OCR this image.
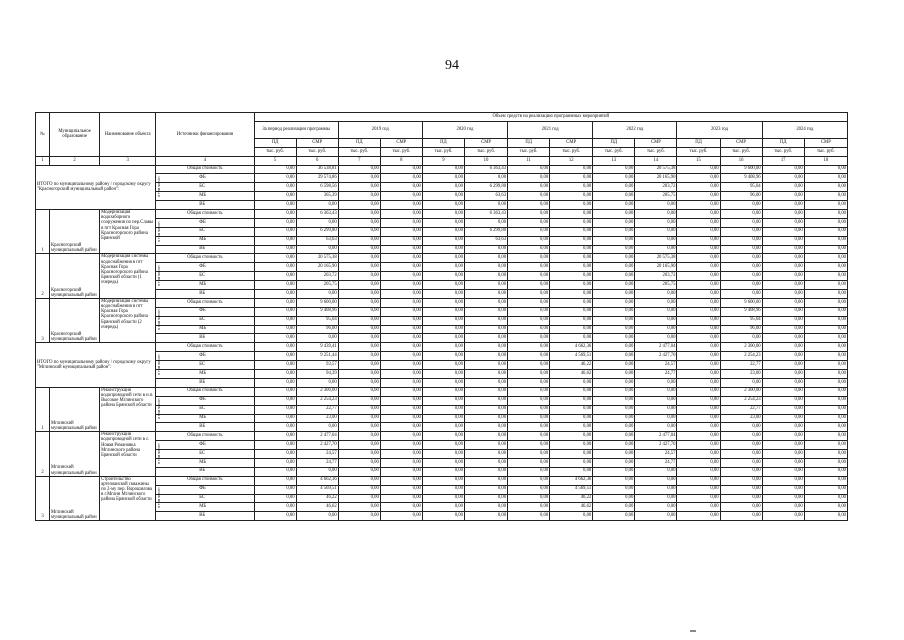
94
№	Муниципальное образование	Наименование объекта	Источники финансирования	Объем средств на реализацию программных мероприятий													
				За период реализации программы		2019 год		2020 год		2021 год		2022 год		2023 год		2024 год	
				ПД	СМР	ПД	СМР	ПД	СМР	ПД	СМР	ПД	СМР	ПД	СМР	ПД	СМР
				тыс. руб.	тыс. руб.	тыс. руб.	тыс. руб.	тыс. руб.	тыс. руб.	тыс. руб.	тыс. руб.	тыс. руб.	тыс. руб.	тыс. руб.	тыс. руб.	тыс. руб.	тыс. руб.
1	2	3	4	5	6	7	8	9	10	11	12	13	14	15	16	17	18
ИТОГО по муниципальному району / городскому округу "Красногорский муниципальный район":			Общая стоимость	0,00	36 538,81	0,00	0,00	0,00	6 363,43	0,00	0,00	0,00	20 575,38	0,00	9 600,00	0,00	0,00

			в том числе: ФБ	0,00	29 574,86	0,00	0,00	0,00	0,00	0,00	0,00	0,00	20 165,90	0,00	9 408,96	0,00	0,00
			БС	0,00	6 598,56	0,00	0,00	0,00	6 299,80	0,00	0,00	0,00	203,72	0,00	95,04	0,00	0,00
			МБ	0,00	365,39	0,00	0,00	0,00	63,63	0,00	0,00	0,00	205,75	0,00	96,00	0,00	0,00
			ВБ	0,00	0,00	0,00	0,00	0,00	0,00	0,00	0,00	0,00	0,00	0,00	0,00	0,00	0,00
1	Красногорский муниципальный район	Модернизация водозаборного сооружения по пер.Славы в пгт Красная Гора Красногорского района Брянской	Общая стоимость	0,00	6 363,43	0,00	0,00	0,00	6 363,43	0,00	0,00	0,00	0,00	0,00	0,00	0,00	0,00

			в том числе: ФБ	0,00	0,00	0,00	0,00	0,00	0,00	0,00	0,00	0,00	0,00	0,00	0,00	0,00	0,00
			БС	0,00	6 299,80	0,00	0,00	0,00	6 299,80	0,00	0,00	0,00	0,00	0,00	0,00	0,00	0,00
			МБ	0,00	63,63	0,00	0,00	0,00	63,63	0,00	0,00	0,00	0,00	0,00	0,00	0,00	0,00
			ВБ	0,00	0,00	0,00	0,00	0,00	0,00	0,00	0,00	0,00	0,00	0,00	0,00	0,00	0,00
2	Красногорский муниципальный район	Модернизация системы водоснабжения в пгт Красная Гора Красногорского района Брянской области (1 очередь)	Общая стоимость	0,00	20 575,38	0,00	0,00	0,00	0,00	0,00	0,00	0,00	20 575,38	0,00	0,00	0,00	0,00

			в том числе: ФБ	0,00	20 165,90	0,00	0,00	0,00	0,00	0,00	0,00	0,00	20 165,90	0,00	0,00	0,00	0,00
			БС	0,00	203,72	0,00	0,00	0,00	0,00	0,00	0,00	0,00	203,72	0,00	0,00	0,00	0,00
			МБ	0,00	205,75	0,00	0,00	0,00	0,00	0,00	0,00	0,00	205,75	0,00	0,00	0,00	0,00
			ВБ	0,00	0,00	0,00	0,00	0,00	0,00	0,00	0,00	0,00	0,00	0,00	0,00	0,00	0,00
3	Красногорский муниципальный район	Модернизация системы водоснабжения в пгт Красная Гора Красногорского района Брянской области (2 очередь)	Общая стоимость	0,00	9 600,00	0,00	0,00	0,00	0,00	0,00	0,00	0,00	0,00	0,00	9 600,00	0,00	0,00

			в том числе: ФБ	0,00	9 408,96	0,00	0,00	0,00	0,00	0,00	0,00	0,00	0,00	0,00	9 408,96	0,00	0,00
			БС	0,00	95,04	0,00	0,00	0,00	0,00	0,00	0,00	0,00	0,00	0,00	95,04	0,00	0,00
			МБ	0,00	96,00	0,00	0,00	0,00	0,00	0,00	0,00	0,00	0,00	0,00	96,00	0,00	0,00
			ВБ	0,00	0,00	0,00	0,00	0,00	0,00	0,00	0,00	0,00	0,00	0,00	0,00	0,00	0,00
ИТОГО по муниципальному району / городскому округу "Мглинский муниципальный район":			Общая стоимость	0,00	9 439,41	0,00	0,00	0,00	0,00	0,00	4 662,36	0,00	2 477,04	0,00	2 300,00	0,00	0,00

			в том числе: ФБ	0,00	9 251,44	0,00	0,00	0,00	0,00	0,00	4 569,51	0,00	2 427,70	0,00	2 254,23	0,00	0,00
			БС	0,00	93,57	0,00	0,00	0,00	0,00	0,00	46,22	0,00	24,57	0,00	22,77	0,00	0,00
			МБ	0,00	94,39	0,00	0,00	0,00	0,00	0,00	46,62	0,00	24,77	0,00	23,00	0,00	0,00
			ВБ	0,00	0,00	0,00	0,00	0,00	0,00	0,00	0,00	0,00	0,00	0,00	0,00	0,00	0,00
1	Мглинский муниципальный район	Реконструкция водопроводной сети в н.п. Высокое Мглинского района Брянской области	Общая стоимость	0,00	2 300,00	0,00	0,00	0,00	0,00	0,00	0,00	0,00	0,00	0,00	2 300,00	0,00	0,00

			в том числе: ФБ	0,00	2 254,23	0,00	0,00	0,00	0,00	0,00	0,00	0,00	0,00	0,00	2 254,23	0,00	0,00
			БС	0,00	22,77	0,00	0,00	0,00	0,00	0,00	0,00	0,00	0,00	0,00	22,77	0,00	0,00
			МБ	0,00	23,00	0,00	0,00	0,00	0,00	0,00	0,00	0,00	0,00	0,00	23,00	0,00	0,00
			ВБ	0,00	0,00	0,00	0,00	0,00	0,00	0,00	0,00	0,00	0,00	0,00	0,00	0,00	0,00
2	Мглинский муниципальный район	Реконструкция водопроводной сети в с. Новая Романовка Мглинского района Брянской области	Общая стоимость	0,00	2 477,04	0,00	0,00	0,00	0,00	0,00	0,00	0,00	2 477,04	0,00	0,00	0,00	0,00

			в том числе: ФБ	0,00	2 427,70	0,00	0,00	0,00	0,00	0,00	0,00	0,00	2 427,70	0,00	0,00	0,00	0,00
			БС	0,00	24,57	0,00	0,00	0,00	0,00	0,00	0,00	0,00	24,57	0,00	0,00	0,00	0,00
			МБ	0,00	24,77	0,00	0,00	0,00	0,00	0,00	0,00	0,00	24,77	0,00	0,00	0,00	0,00
			ВБ	0,00	0,00	0,00	0,00	0,00	0,00	0,00	0,00	0,00	0,00	0,00	0,00	0,00	0,00
3	Мглинский муниципальный район	Строительство артезианской скважины по 2-му пер. Ворошилова в г.Мглин Мглинского района Брянской области	Общая стоимость	0,00	4 662,36	0,00	0,00	0,00	0,00	0,00	4 662,36	0,00	0,00	0,00	0,00	0,00	0,00

			в том числе: ФБ	0,00	4 569,51	0,00	0,00	0,00	0,00	0,00	4 569,51	0,00	0,00	0,00	0,00	0,00	0,00
			БС	0,00	46,22	0,00	0,00	0,00	0,00	0,00	46,22	0,00	0,00	0,00	0,00	0,00	0,00
			МБ	0,00	46,62	0,00	0,00	0,00	0,00	0,00	46,62	0,00	0,00	0,00	0,00	0,00	0,00
			ВБ	0,00	0,00	0,00	0,00	0,00	0,00	0,00	0,00	0,00	0,00	0,00	0,00	0,00	0,00
